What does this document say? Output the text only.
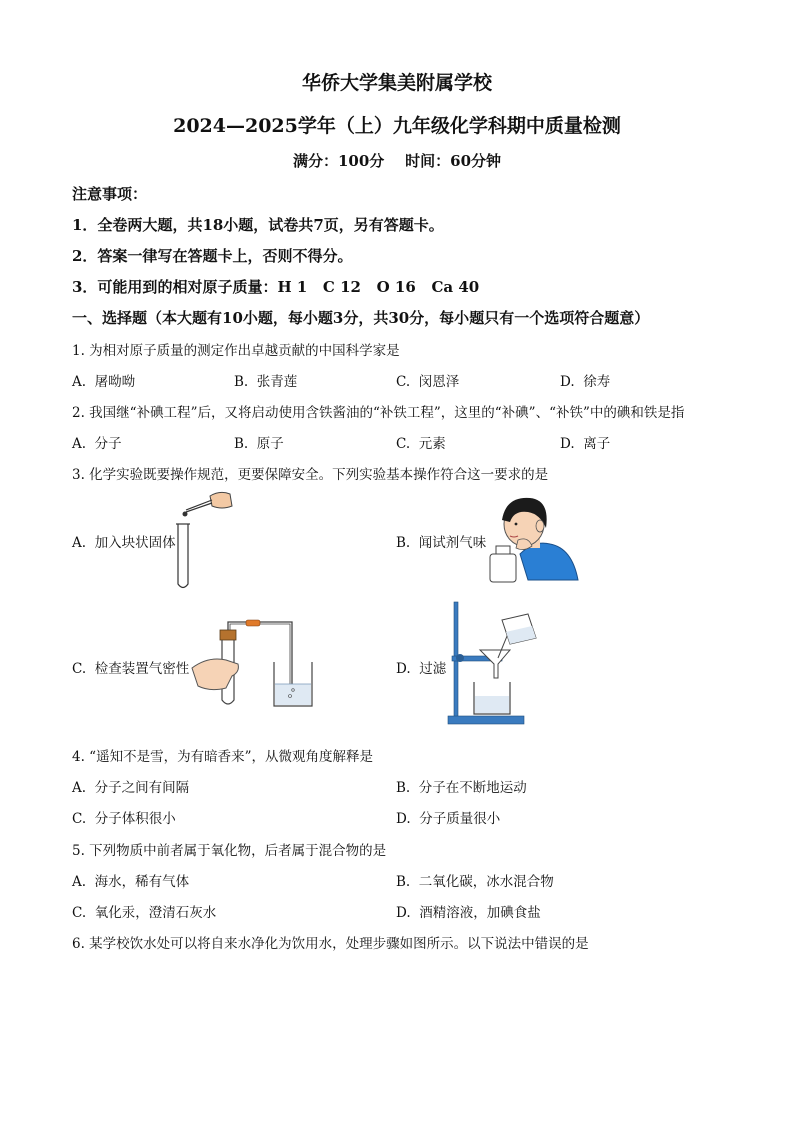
华侨大学集美附属学校
2024—2025学年（上）九年级化学科期中质量检测
满分：100分    时间：60分钟
注意事项：
1．全卷两大题，共18小题，试卷共7页，另有答题卡。
2．答案一律写在答题卡上，否则不得分。
3．可能用到的相对原子质量：H 1   C 12   O 16   Ca 40
一、选择题（本大题有10小题，每小题3分，共30分，每小题只有一个选项符合题意）
1. 为相对原子质量的测定作出卓越贡献的中国科学家是
A.  屠呦呦	B.  张青莲	C.  闵恩泽	D.  徐寿
2. 我国继“补碘工程”后，又将启动使用含铁酱油的“补铁工程”，这里的“补碘”、“补铁”中的碘和铁是指
A.  分子	B.  原子	C.  元素	D.  离子
3. 化学实验既要操作规范，更要保障安全。下列实验基本操作符合这一要求的是
A.  加入块状固体	B.  闻试剂气味
C.  检查装置气密性	D.  过滤
4. “遥知不是雪，为有暗香来”，从微观角度解释是
A.  分子之间有间隔	B.  分子在不断地运动
C.  分子体积很小	D.  分子质量很小
5. 下列物质中前者属于氧化物，后者属于混合物的是
A.  海水，稀有气体	B.  二氧化碳，冰水混合物
C.  氧化汞，澄清石灰水	D.  酒精溶液，加碘食盐
6. 某学校饮水处可以将自来水净化为饮用水，处理步骤如图所示。以下说法中错误的是
